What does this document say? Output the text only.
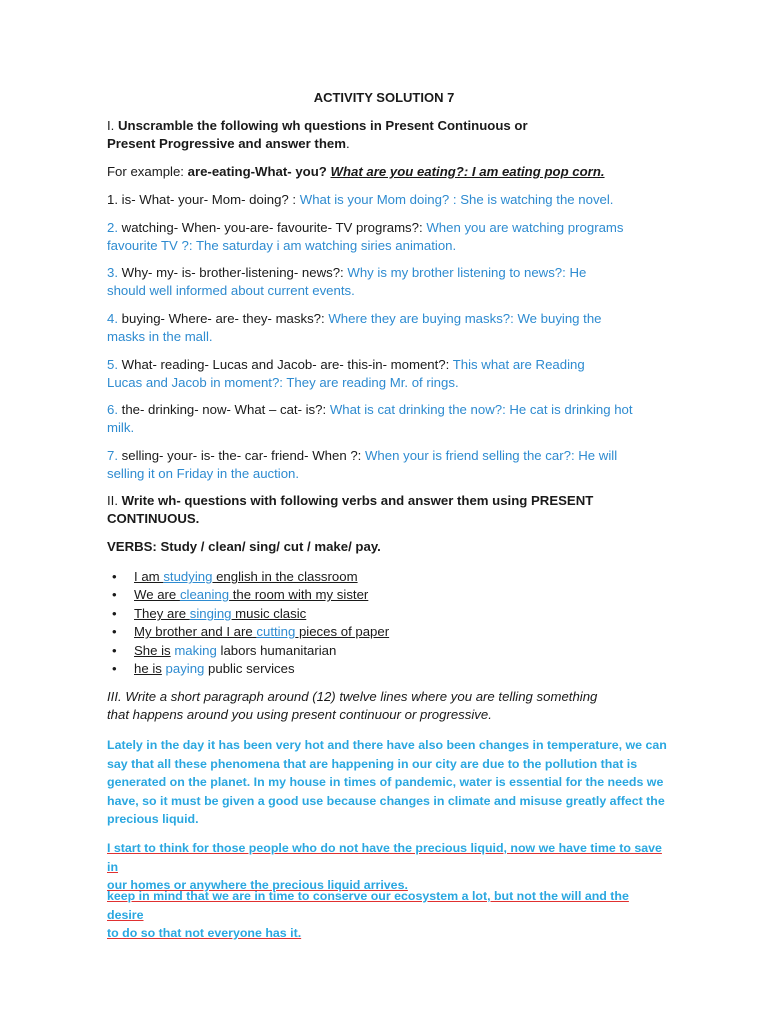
ACTIVITY SOLUTION 7
I. Unscramble the following wh questions in Present Continuous or
Present Progressive and answer them.
For example: are-eating-What- you? What are you eating?: I am eating pop corn.
1. is- What- your- Mom- doing? : What is your Mom doing? : She is watching the novel.
2. watching- When- you-are- favourite- TV programs?: When you are watching programs
favourite TV ?: The saturday i am watching siries animation.
3. Why- my- is- brother-listening- news?: Why is my brother listening to news?: He
should well informed about current events.
4. buying- Where- are- they- masks?: Where they are buying masks?: We buying the
masks in the mall.
5. What- reading- Lucas and Jacob- are- this-in- moment?: This what are Reading
Lucas and Jacob in moment?: They are reading Mr. of rings.
6. the- drinking- now- What – cat- is?: What is cat drinking the now?: He cat is drinking hot
milk.
7. selling- your- is- the- car- friend- When ?: When your is friend selling the car?: He will
selling it on Friday in the auction.
II. Write wh- questions with following verbs and answer them using PRESENT
CONTINUOUS.
VERBS: Study / clean/ sing/ cut / make/ pay.
• I am studying english in the classroom
• We are cleaning the room with my sister
• They are singing music clasic
• My brother and I are cutting pieces of paper
• She is making labors humanitarian
• he is paying public services
III. Write a short paragraph around (12) twelve lines where you are telling something
that happens around you using present continuour or progressive.
Lately in the day it has been very hot and there have also been changes in temperature, we can
say that all these phenomena that are happening in our city are due to the pollution that is
generated on the planet. In my house in times of pandemic, water is essential for the needs we
have, so it must be given a good use because changes in climate and misuse greatly affect the
precious liquid.
I start to think for those people who do not have the precious liquid, now we have time to save in
our homes or anywhere the precious liquid arrives.
keep in mind that we are in time to conserve our ecosystem a lot, but not the will and the desire
to do so that not everyone has it.
